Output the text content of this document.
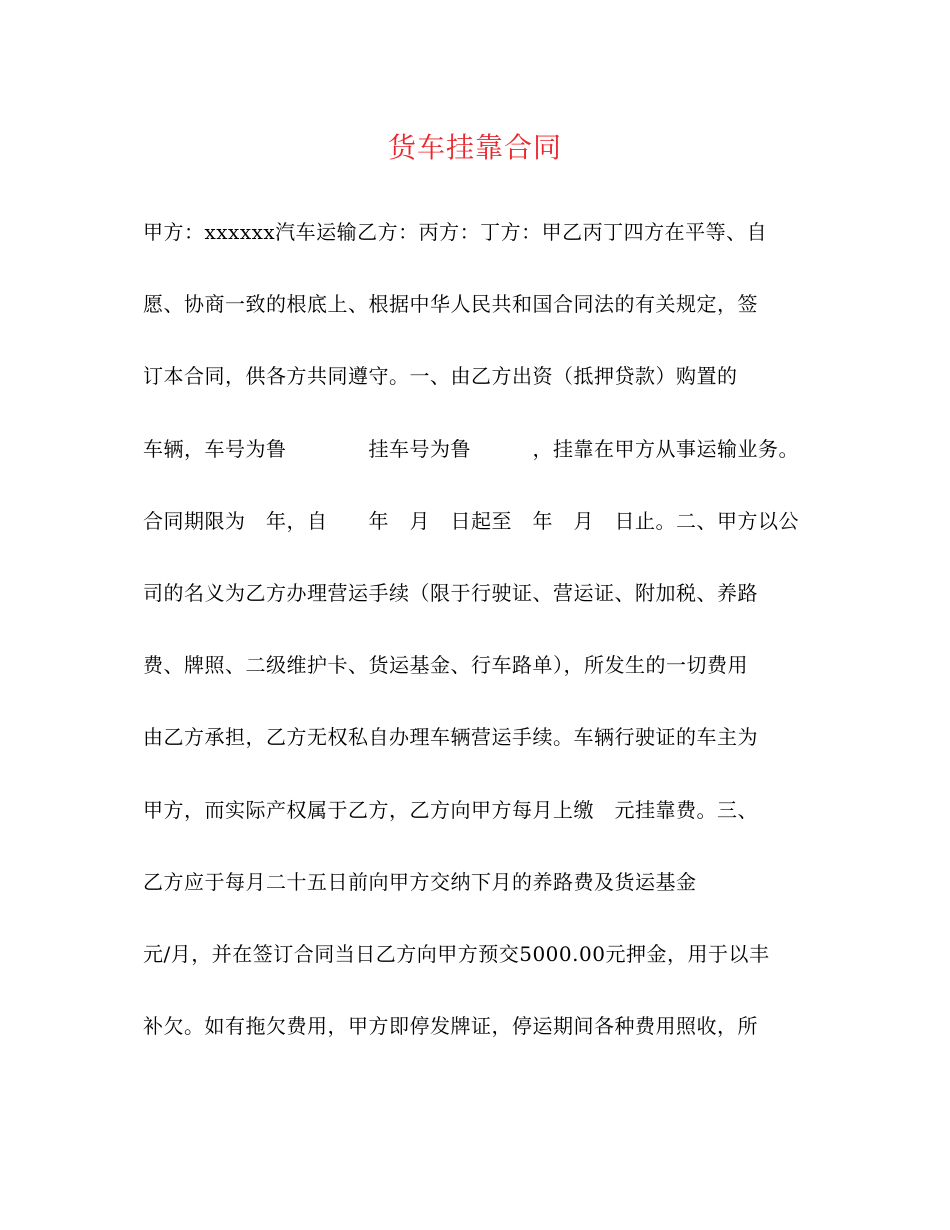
货车挂靠合同
甲方：xxxxxx汽车运输乙方：丙方：丁方：甲乙丙丁四方在平等、自
愿、协商一致的根底上、根据中华人民共和国合同法的有关规定，签
订本合同，供各方共同遵守。一、由乙方出资（抵押贷款）购置的
车辆，车号为鲁　　　　挂车号为鲁　　　，挂靠在甲方从事运输业务。
合同期限为　年，自　　年　月　日起至　年　月　日止。二、甲方以公
司的名义为乙方办理营运手续（限于行驶证、营运证、附加税、养路
费、牌照、二级维护卡、货运基金、行车路单），所发生的一切费用
由乙方承担，乙方无权私自办理车辆营运手续。车辆行驶证的车主为
甲方，而实际产权属于乙方，乙方向甲方每月上缴　元挂靠费。三、
乙方应于每月二十五日前向甲方交纳下月的养路费及货运基金
元/月，并在签订合同当日乙方向甲方预交5000.00元押金，用于以丰
补欠。如有拖欠费用，甲方即停发牌证，停运期间各种费用照收，所
